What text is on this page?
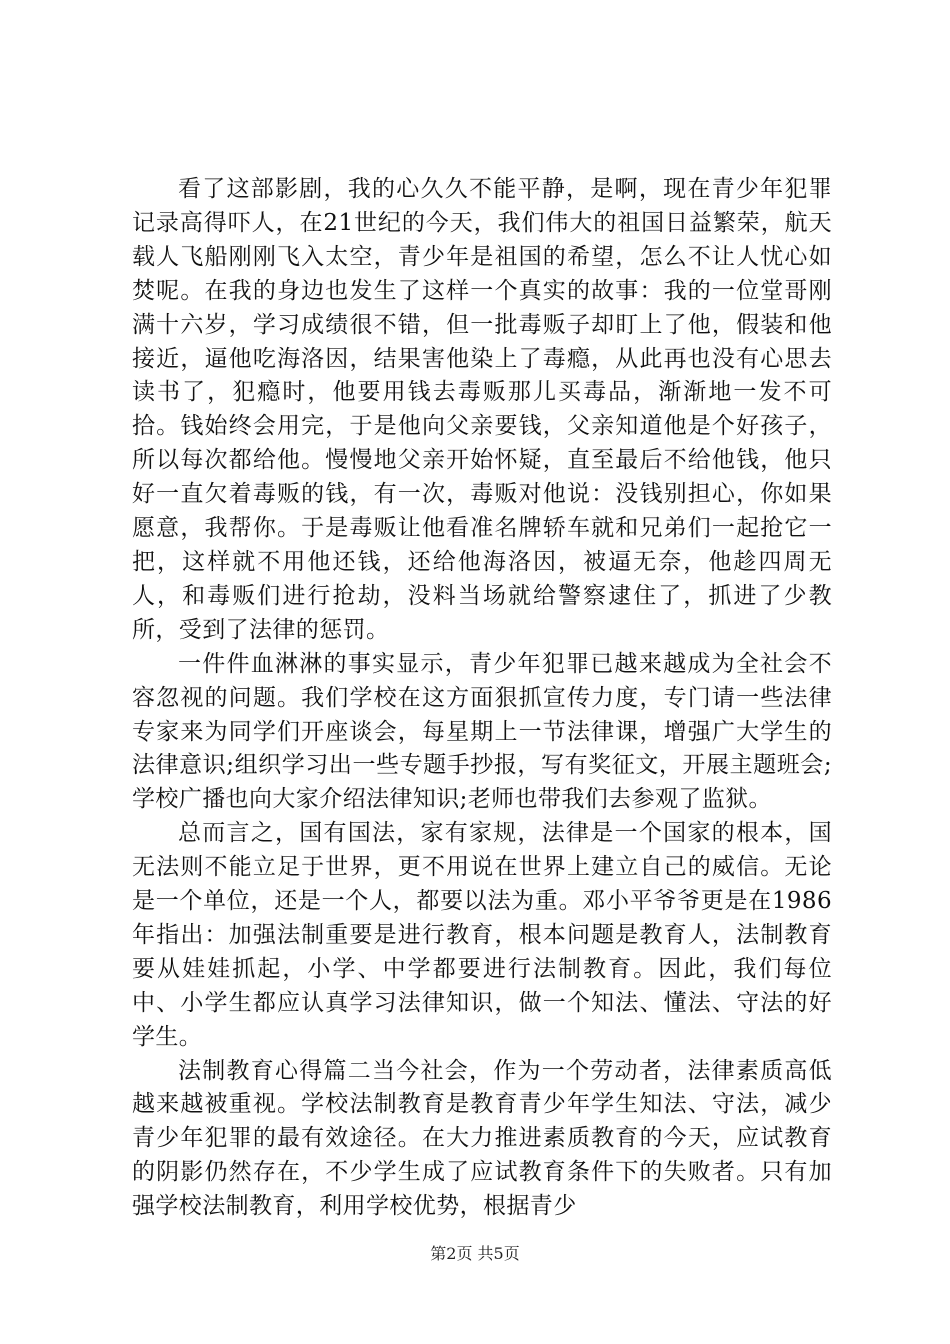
看了这部影剧，我的心久久不能平静，是啊，现在青少年犯罪记录高得吓人，在21世纪的今天，我们伟大的祖国日益繁荣，航天载人飞船刚刚飞入太空，青少年是祖国的希望，怎么不让人忧心如焚呢。在我的身边也发生了这样一个真实的故事：我的一位堂哥刚满十六岁，学习成绩很不错，但一批毒贩子却盯上了他，假装和他接近，逼他吃海洛因，结果害他染上了毒瘾，从此再也没有心思去读书了，犯瘾时，他要用钱去毒贩那儿买毒品，渐渐地一发不可拾。钱始终会用完，于是他向父亲要钱，父亲知道他是个好孩子，所以每次都给他。慢慢地父亲开始怀疑，直至最后不给他钱，他只好一直欠着毒贩的钱，有一次，毒贩对他说：没钱别担心，你如果愿意，我帮你。于是毒贩让他看准名牌轿车就和兄弟们一起抢它一把，这样就不用他还钱，还给他海洛因，被逼无奈，他趁四周无人，和毒贩们进行抢劫，没料当场就给警察逮住了，抓进了少教所，受到了法律的惩罚。

一件件血淋淋的事实显示，青少年犯罪已越来越成为全社会不容忽视的问题。我们学校在这方面狠抓宣传力度，专门请一些法律专家来为同学们开座谈会，每星期上一节法律课，增强广大学生的法律意识;组织学习出一些专题手抄报，写有奖征文，开展主题班会;学校广播也向大家介绍法律知识;老师也带我们去参观了监狱。

总而言之，国有国法，家有家规，法律是一个国家的根本，国无法则不能立足于世界，更不用说在世界上建立自己的威信。无论是一个单位，还是一个人，都要以法为重。邓小平爷爷更是在1986年指出：加强法制重要是进行教育，根本问题是教育人，法制教育要从娃娃抓起，小学、中学都要进行法制教育。因此，我们每位中、小学生都应认真学习法律知识，做一个知法、懂法、守法的好学生。

法制教育心得篇二当今社会，作为一个劳动者，法律素质高低越来越被重视。学校法制教育是教育青少年学生知法、守法，减少青少年犯罪的最有效途径。在大力推进素质教育的今天，应试教育的阴影仍然存在，不少学生成了应试教育条件下的失败者。只有加强学校法制教育，利用学校优势，根据青少

第2页 共5页
